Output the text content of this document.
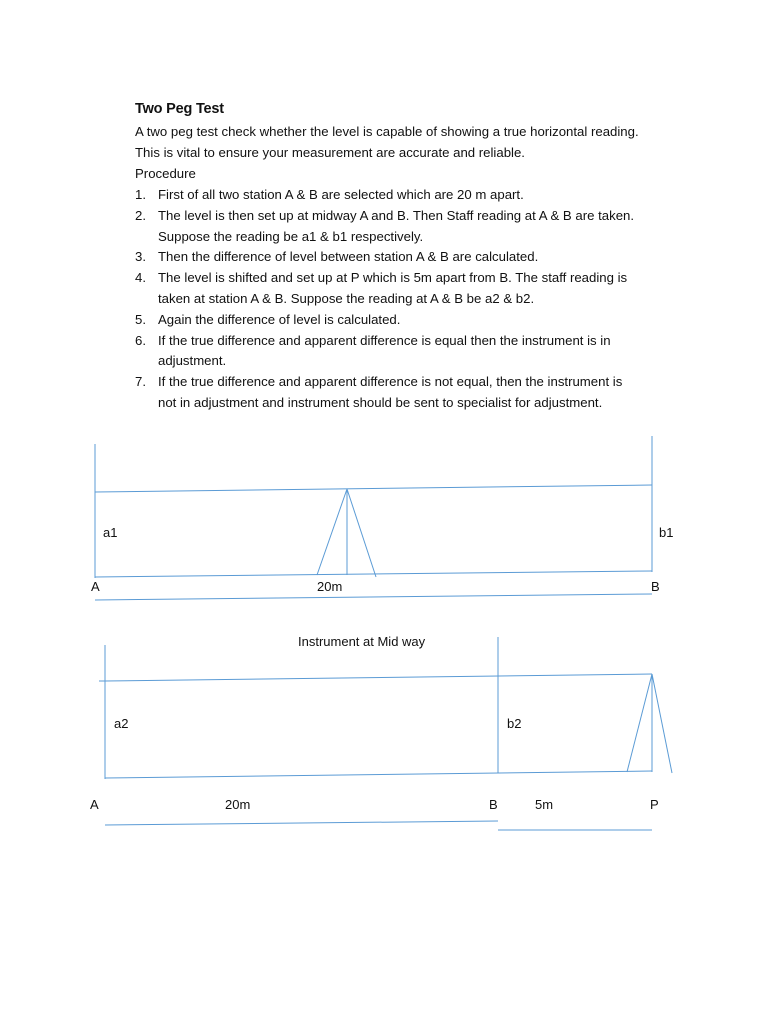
Two Peg Test
A two peg test check whether the level is capable of showing a true horizontal reading.
This is vital to ensure your measurement are accurate and reliable.
Procedure
1. First of all two station A & B are selected which are 20 m apart.
2. The level is then set up at midway A and B. Then Staff reading at A & B are taken.
Suppose the reading be a1 & b1 respectively.
3. Then the difference of level between station A & B are calculated.
4. The level is shifted and set up at P which is 5m apart from B. The staff reading is
taken at station A & B. Suppose the reading at A & B be a2 & b2.
5. Again the difference of level is calculated.
6. If the true difference and apparent difference is equal then the instrument is in
adjustment.
7. If the true difference and apparent difference is not equal, then the instrument is
not in adjustment and instrument should be sent to specialist for adjustment.
a1	b1
A	20m	B
Instrument at Mid way
a2	b2
A	20m	B	5m	P
